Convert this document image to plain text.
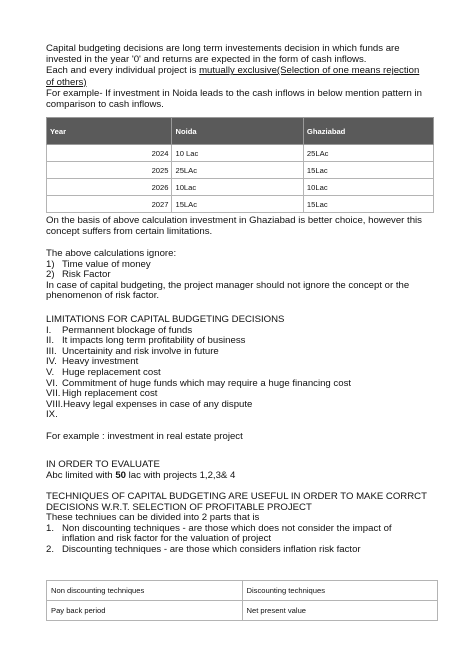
Capital budgeting decisions are long term investements decision in which funds are
invested in the year '0' and returns are expected in the form of cash inflows.
Each and every individual project is mutually exclusive(Selection of one means rejection
of others)
For example- If investment in Noida leads to the cash inflows in below mention pattern in
comparison to cash inflows.

Year	Noida	Ghaziabad
2024	10 Lac	25LAc
2025	25LAc	15Lac
2026	10Lac	10Lac
2027	15LAc	15Lac

On the basis of above calculation investment in Ghaziabad is better choice, however this
concept suffers from certain limitations.

The above calculations ignore:
1) Time value of money
2) Risk Factor
In case of capital budgeting, the project manager should not ignore the concept or the
phenomenon of risk factor.
LIMITATIONS FOR CAPITAL BUDGETING DECISIONS
I.	Permannent blockage of funds
II. It impacts long term profitability of business
III. Uncertainity and risk involve in future
IV. Heavy investment
V. Huge replacement cost
VI. Commitment of huge funds which may require a huge financing cost
VII. High replacement cost
VIII. Heavy legal expenses in case of any dispute
IX.
For example : investment in real estate project
IN ORDER TO EVALUATE
Abc limited with 50 lac with projects 1,2,3& 4
TECHNIQUES OF CAPITAL BUDGETING ARE USEFUL IN ORDER TO MAKE CORRCT
DECISIONS W.R.T. SELECTION OF PROFITABLE PROJECT
These techniues can be divided into 2 parts that is
1. Non discounting techniques - are those which does not consider the impact of
inflation and risk factor for the valuation of project
2. Discounting techniques - are those which considers inflation risk factor
Non discounting techniques	Discounting techniques
Pay back period	Net present value
